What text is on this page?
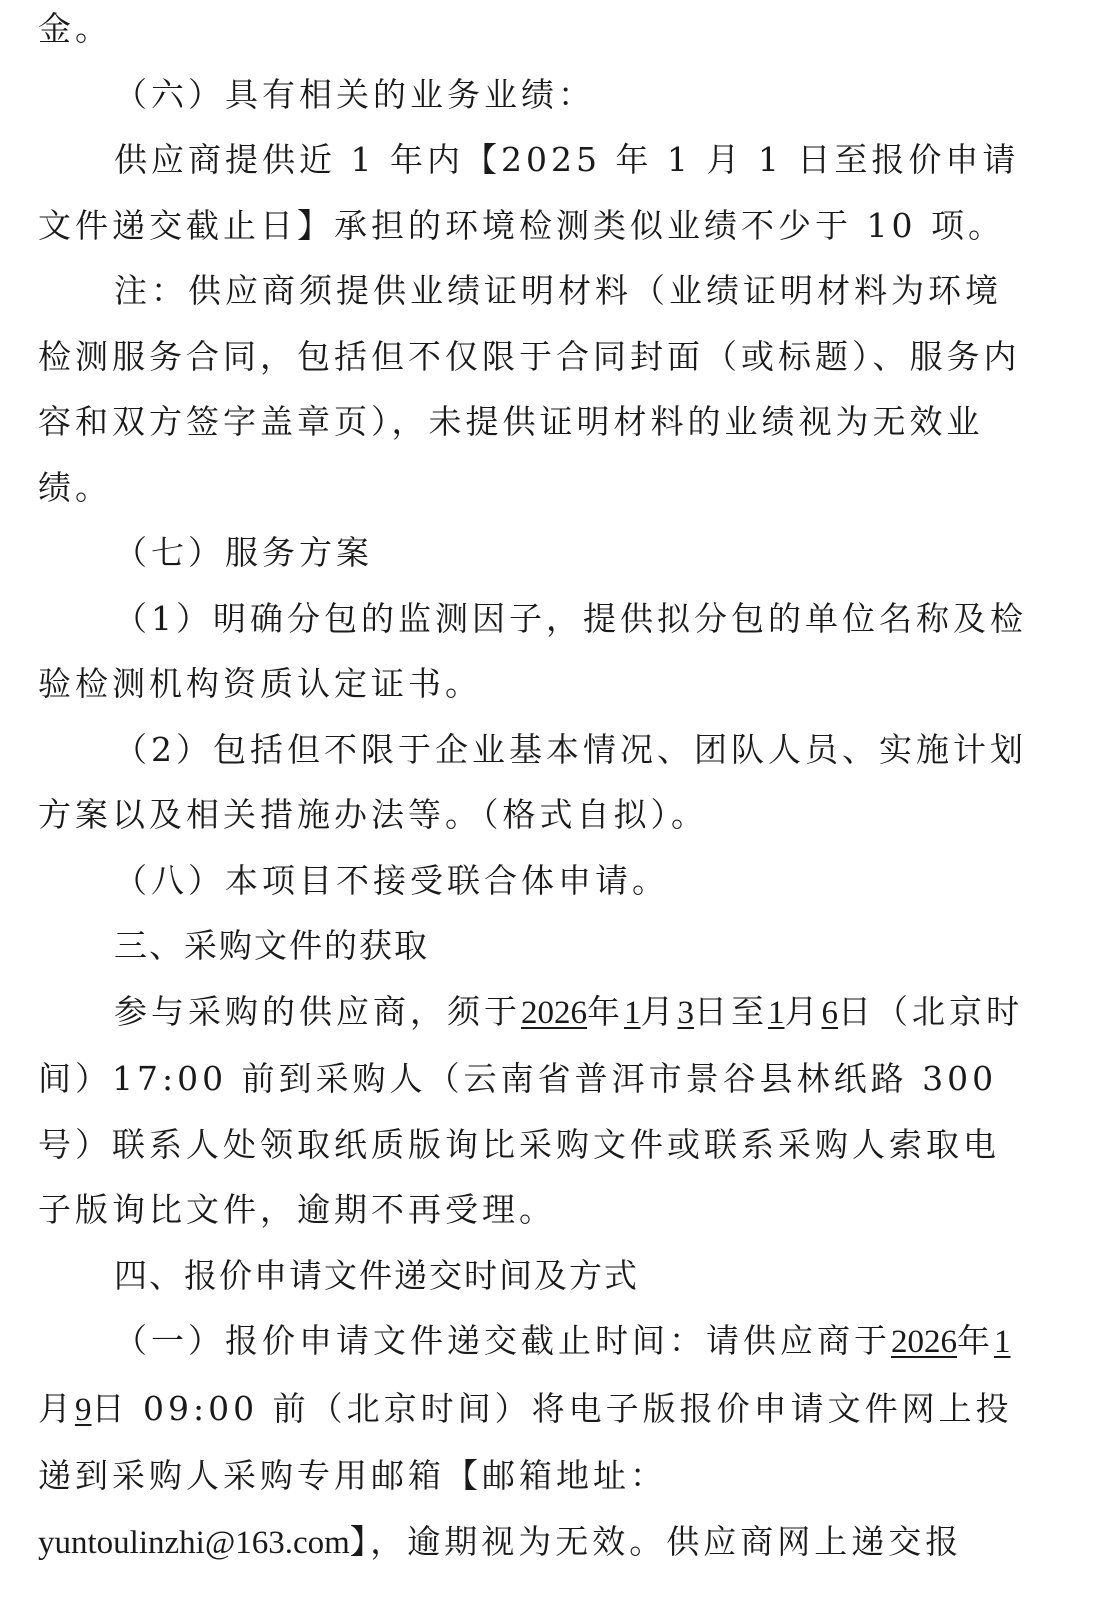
金。

（六）具有相关的业务业绩：

供应商提供近 1 年内【2025 年 1 月 1 日至报价申请文件递交截止日】承担的环境检测类似业绩不少于 10 项。

注：供应商须提供业绩证明材料（业绩证明材料为环境检测服务合同，包括但不仅限于合同封面（或标题）、服务内容和双方签字盖章页），未提供证明材料的业绩视为无效业绩。

（七）服务方案

（1）明确分包的监测因子，提供拟分包的单位名称及检验检测机构资质认定证书。

（2）包括但不限于企业基本情况、团队人员、实施计划方案以及相关措施办法等。（格式自拟）。

（八）本项目不接受联合体申请。

三、采购文件的获取

参与采购的供应商，须于2026年1月3日至1月6日（北京时间）17:00 前到采购人（云南省普洱市景谷县林纸路 300 号）联系人处领取纸质版询比采购文件或联系采购人索取电子版询比文件，逾期不再受理。

四、报价申请文件递交时间及方式

（一）报价申请文件递交截止时间：请供应商于2026年1月9日 09:00 前（北京时间）将电子版报价申请文件网上投递到采购人采购专用邮箱【邮箱地址：yuntoulinzhi@163.com】，逾期视为无效。供应商网上递交报
